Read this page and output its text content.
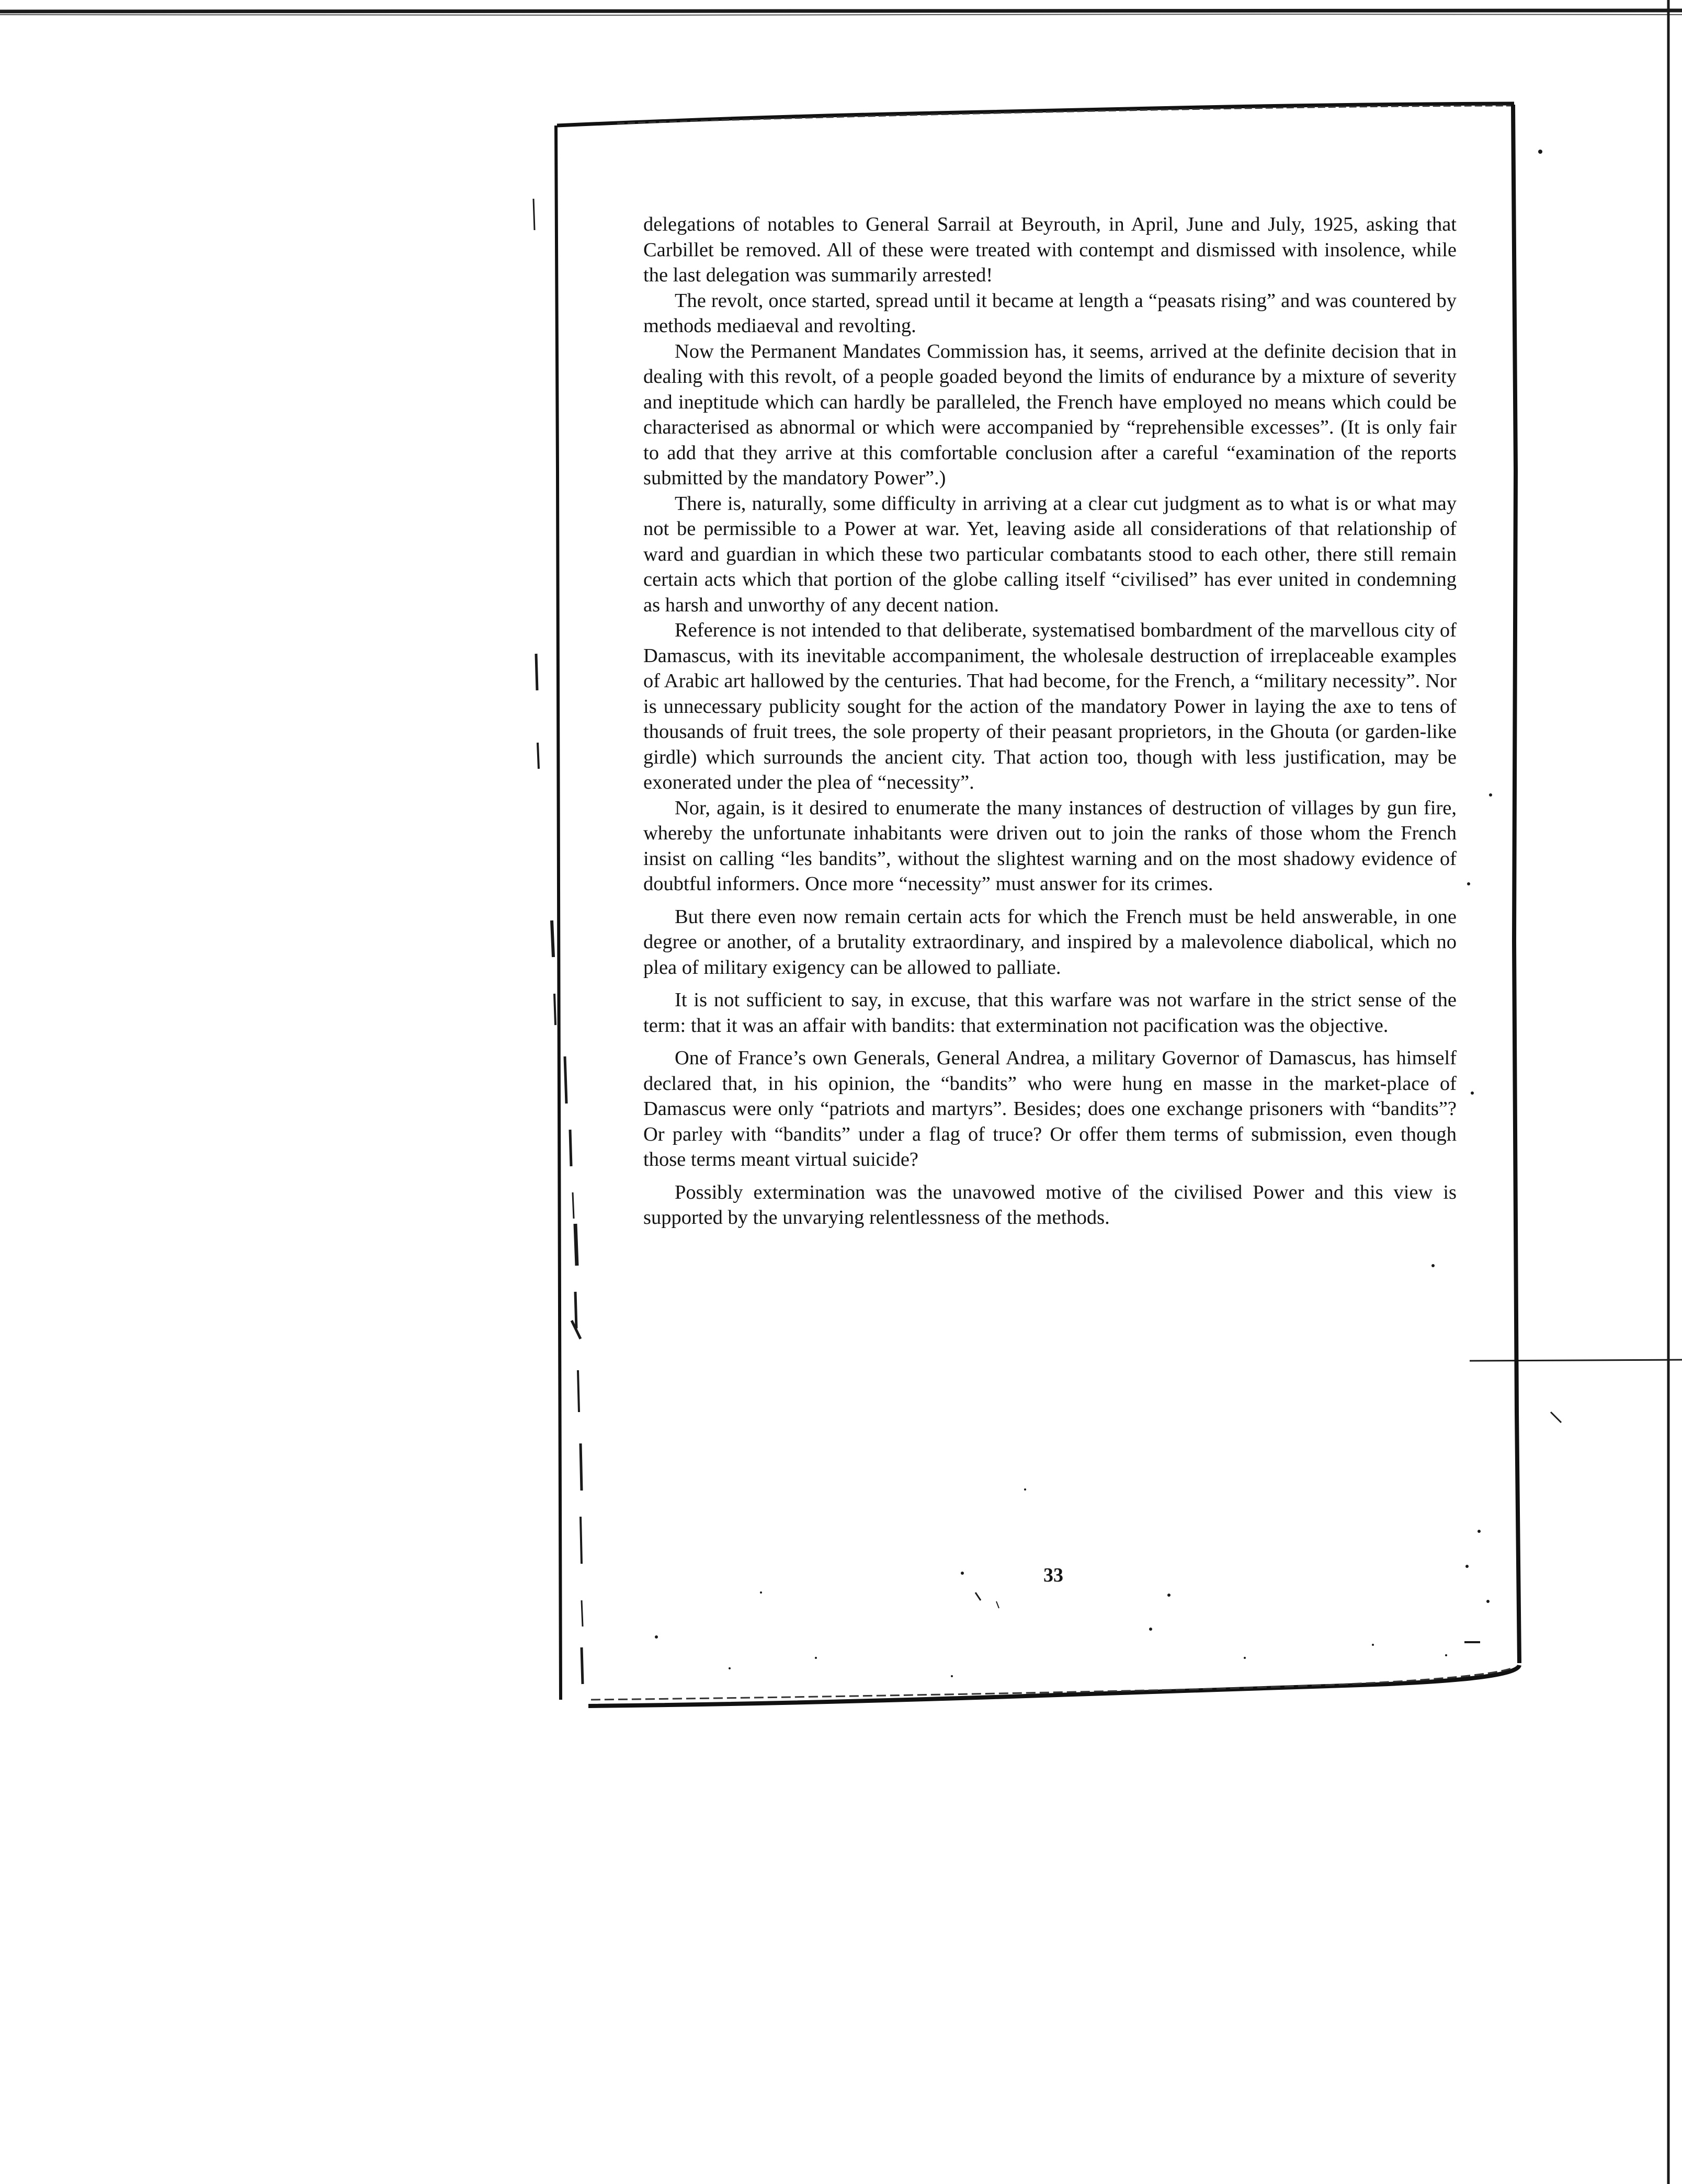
delegations of notables to General Sarrail at Beyrouth, in April, June and July, 1925, asking that Carbillet be removed. All of these were treated with contempt and dismissed with insolence, while the last delegation was summarily arrested!

The revolt, once started, spread until it became at length a “peasats rising” and was countered by methods mediaeval and revolting.

Now the Permanent Mandates Commission has, it seems, arrived at the definite decision that in dealing with this revolt, of a people goaded beyond the limits of endurance by a mixture of severity and ineptitude which can hardly be paralleled, the French have employed no means which could be characterised as abnormal or which were accompanied by “reprehensible excesses”. (It is only fair to add that they arrive at this comfortable conclusion after a careful “examination of the reports submitted by the mandatory Power”.)

There is, naturally, some difficulty in arriving at a clear cut judgment as to what is or what may not be permissible to a Power at war. Yet, leaving aside all considerations of that relationship of ward and guardian in which these two particular combatants stood to each other, there still remain certain acts which that portion of the globe calling itself “civilised” has ever united in condemning as harsh and unworthy of any decent nation.

Reference is not intended to that deliberate, systematised bombardment of the marvellous city of Damascus, with its inevitable accompaniment, the wholesale destruction of irreplaceable examples of Arabic art hallowed by the centuries. That had become, for the French, a “military necessity”. Nor is unnecessary publicity sought for the action of the mandatory Power in laying the axe to tens of thousands of fruit trees, the sole property of their peasant proprietors, in the Ghouta (or garden-like girdle) which surrounds the ancient city. That action too, though with less justification, may be exonerated under the plea of “necessity”.

Nor, again, is it desired to enumerate the many instances of destruction of villages by gun fire, whereby the unfortunate inhabitants were driven out to join the ranks of those whom the French insist on calling “les bandits”, without the slightest warning and on the most shadowy evidence of doubtful informers. Once more “necessity” must answer for its crimes.

But there even now remain certain acts for which the French must be held answerable, in one degree or another, of a brutality extraordinary, and inspired by a malevolence diabolical, which no plea of military exigency can be allowed to palliate.

It is not sufficient to say, in excuse, that this warfare was not warfare in the strict sense of the term: that it was an affair with bandits: that extermination not pacification was the objective.

One of France’s own Generals, General Andrea, a military Governor of Damascus, has himself declared that, in his opinion, the “bandits” who were hung en masse in the market-place of Damascus were only “patriots and martyrs”. Besides; does one exchange prisoners with “bandits”? Or parley with “bandits” under a flag of truce? Or offer them terms of submission, even though those terms meant virtual suicide?

Possibly extermination was the unavowed motive of the civilised Power and this view is supported by the unvarying relentlessness of the methods.

33
